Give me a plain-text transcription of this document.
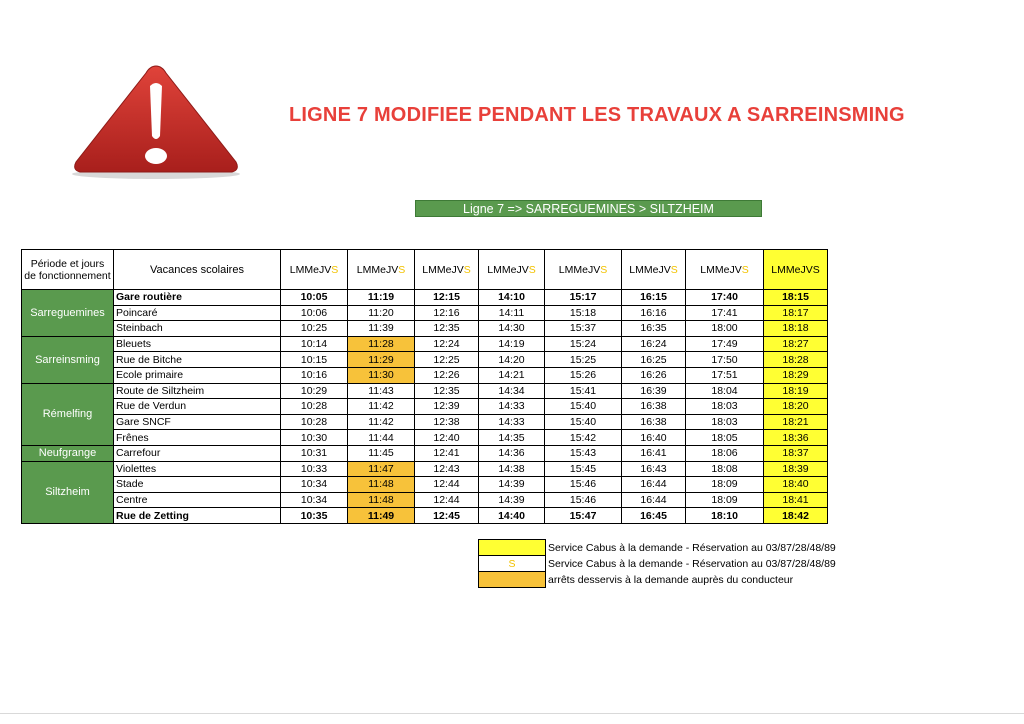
LIGNE 7 MODIFIEE PENDANT LES TRAVAUX A SARREINSMING
Ligne 7 => SARREGUEMINES > SILTZHEIM
Période et jours de fonctionnement	Vacances scolaires	LMMeJVS	LMMeJVS	LMMeJVS	LMMeJVS	LMMeJVS	LMMeJVS	LMMeJVS	LMMeJVS
Sarreguemines	Gare routière	10:05	11:19	12:15	14:10	15:17	16:15	17:40	18:15
	Poincaré	10:06	11:20	12:16	14:11	15:18	16:16	17:41	18:17
	Steinbach	10:25	11:39	12:35	14:30	15:37	16:35	18:00	18:18
Sarreinsming	Bleuets	10:14	11:28	12:24	14:19	15:24	16:24	17:49	18:27
	Rue de Bitche	10:15	11:29	12:25	14:20	15:25	16:25	17:50	18:28
	Ecole primaire	10:16	11:30	12:26	14:21	15:26	16:26	17:51	18:29
Rémelfing	Route de Siltzheim	10:29	11:43	12:35	14:34	15:41	16:39	18:04	18:19
	Rue de Verdun	10:28	11:42	12:39	14:33	15:40	16:38	18:03	18:20
	Gare SNCF	10:28	11:42	12:38	14:33	15:40	16:38	18:03	18:21
	Frênes	10:30	11:44	12:40	14:35	15:42	16:40	18:05	18:36
Neufgrange	Carrefour	10:31	11:45	12:41	14:36	15:43	16:41	18:06	18:37
Siltzheim	Violettes	10:33	11:47	12:43	14:38	15:45	16:43	18:08	18:39
	Stade	10:34	11:48	12:44	14:39	15:46	16:44	18:09	18:40
	Centre	10:34	11:48	12:44	14:39	15:46	16:44	18:09	18:41
	Rue de Zetting	10:35	11:49	12:45	14:40	15:47	16:45	18:10	18:42
	Service Cabus à la demande - Réservation au 03/87/28/48/89
S	Service Cabus à la demande - Réservation au 03/87/28/48/89
	arrêts desservis à la demande auprès du conducteur
